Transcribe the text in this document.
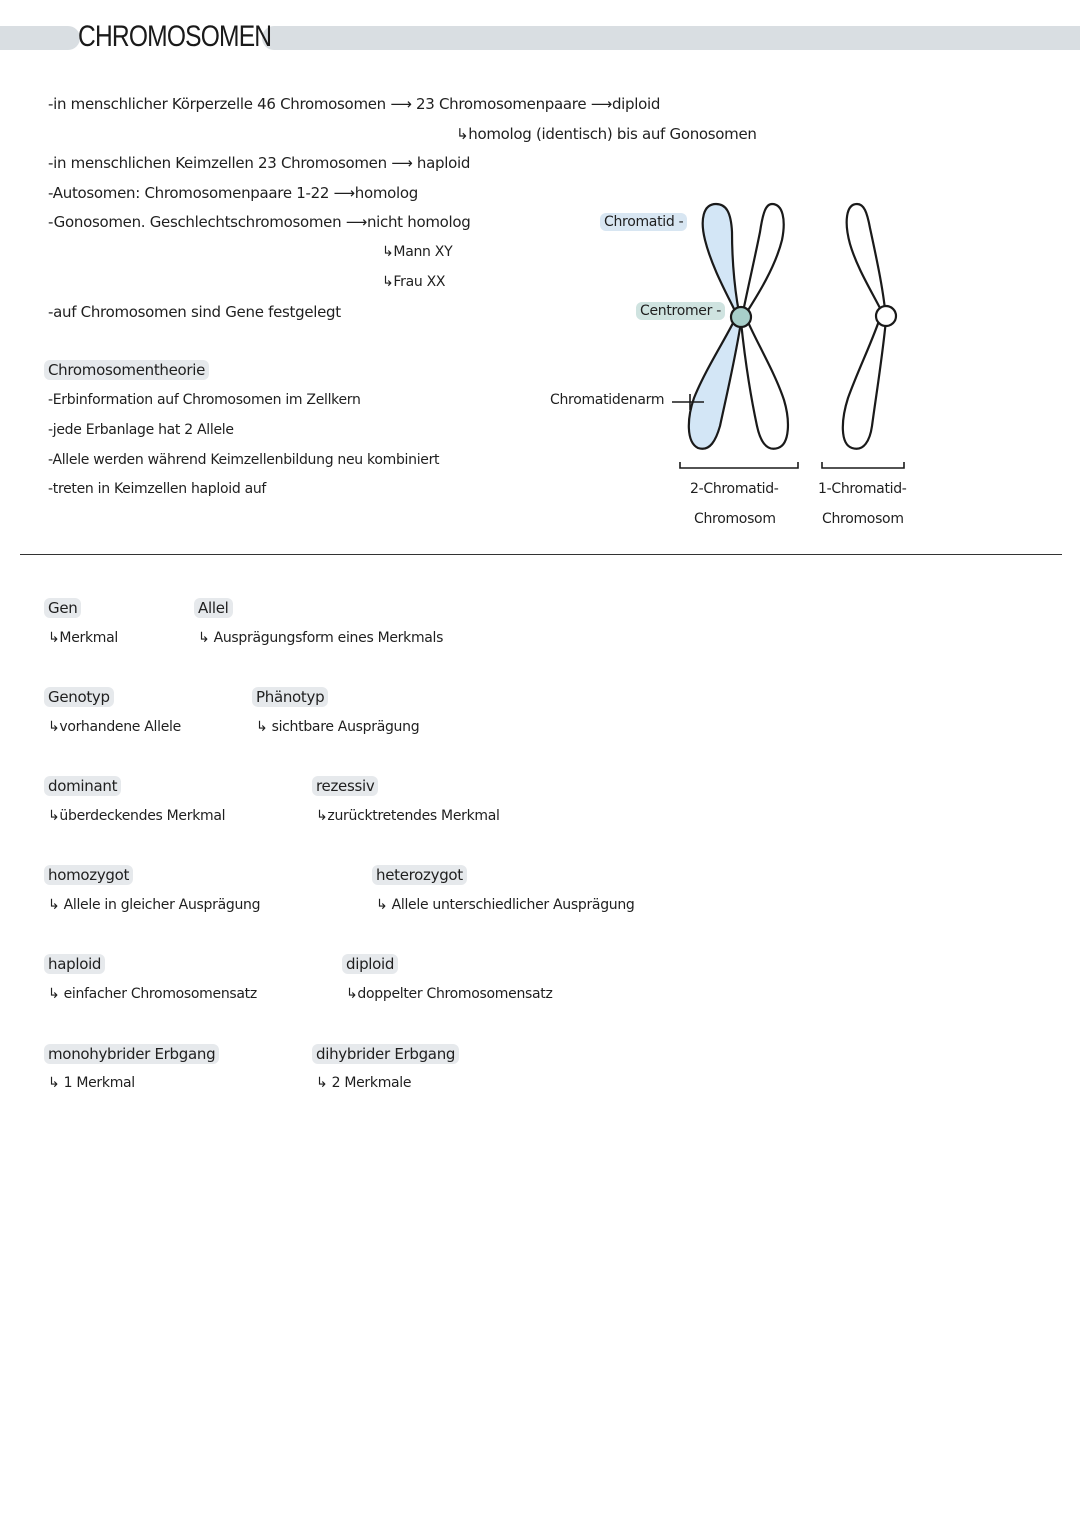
CHROMOSOMEN
-in menschlicher Körperzelle 46 Chromosomen ⟶ 23 Chromosomenpaare ⟶diploid
↳homolog (identisch) bis auf Gonosomen
-in menschlichen Keimzellen 23 Chromosomen ⟶ haploid
-Autosomen: Chromosomenpaare 1-22 ⟶homolog
-Gonosomen. Geschlechtschromosomen ⟶nicht homolog
↳Mann XY
↳Frau XX
-auf Chromosomen sind Gene festgelegt
Chromosomentheorie
-Erbinformation auf Chromosomen im Zellkern
-jede Erbanlage hat 2 Allele
-Allele werden während Keimzellenbildung neu kombiniert
-treten in Keimzellen haploid auf
Chromatid -
Centromer -
Chromatidenarm
2-Chromatid-
Chromosom
1-Chromatid-
Chromosom
Gen
↳Merkmal
Allel
↳ Ausprägungsform eines Merkmals
Genotyp
↳vorhandene Allele
Phänotyp
↳ sichtbare Ausprägung
dominant
↳überdeckendes Merkmal
rezessiv
↳zurücktretendes Merkmal
homozygot
↳ Allele in gleicher Ausprägung
heterozygot
↳ Allele unterschiedlicher Ausprägung
haploid
↳ einfacher Chromosomensatz
diploid
↳doppelter Chromosomensatz
monohybrider Erbgang
↳ 1 Merkmal
dihybrider Erbgang
↳ 2 Merkmale
